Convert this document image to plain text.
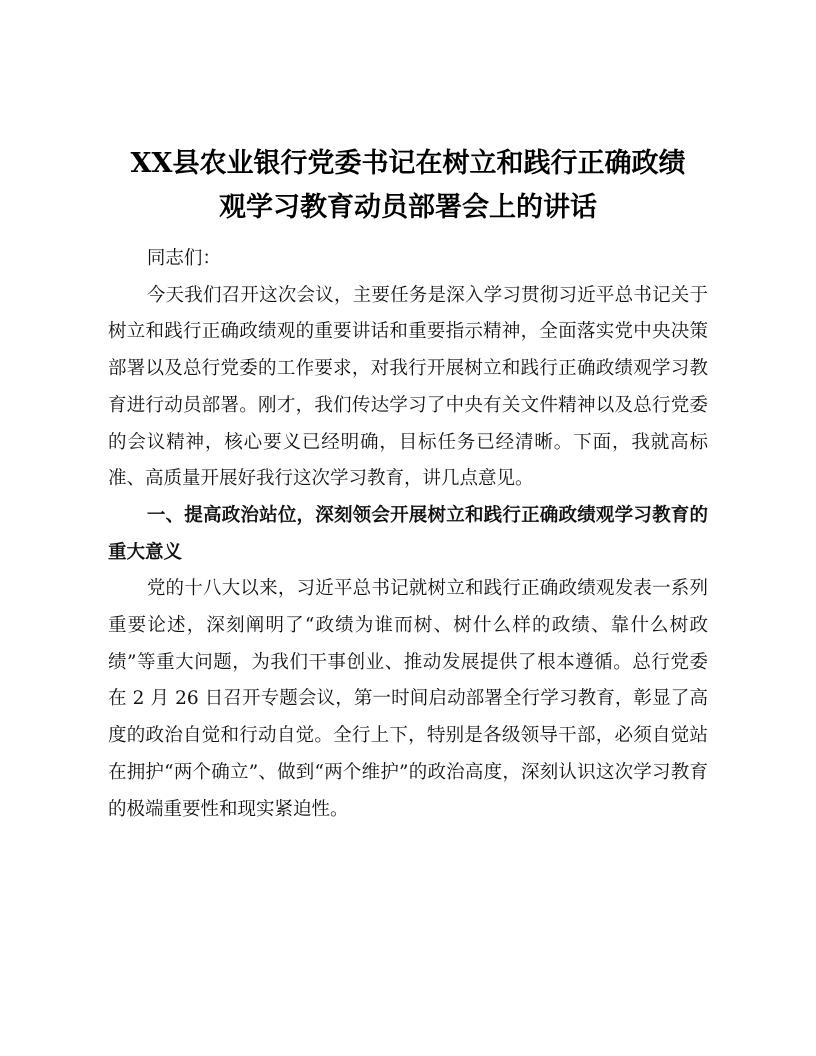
XX县农业银行党委书记在树立和践行正确政绩
观学习教育动员部署会上的讲话

同志们：

今天我们召开这次会议，主要任务是深入学习贯彻习近平总书记关于树立和践行正确政绩观的重要讲话和重要指示精神，全面落实党中央决策部署以及总行党委的工作要求，对我行开展树立和践行正确政绩观学习教育进行动员部署。刚才，我们传达学习了中央有关文件精神以及总行党委的会议精神，核心要义已经明确，目标任务已经清晰。下面，我就高标准、高质量开展好我行这次学习教育，讲几点意见。

一、提高政治站位，深刻领会开展树立和践行正确政绩观学习教育的重大意义

党的十八大以来，习近平总书记就树立和践行正确政绩观发表一系列重要论述，深刻阐明了“政绩为谁而树、树什么样的政绩、靠什么树政绩”等重大问题，为我们干事创业、推动发展提供了根本遵循。总行党委在 2 月 26 日召开专题会议，第一时间启动部署全行学习教育，彰显了高度的政治自觉和行动自觉。全行上下，特别是各级领导干部，必须自觉站在拥护“两个确立”、做到“两个维护”的政治高度，深刻认识这次学习教育的极端重要性和现实紧迫性。
